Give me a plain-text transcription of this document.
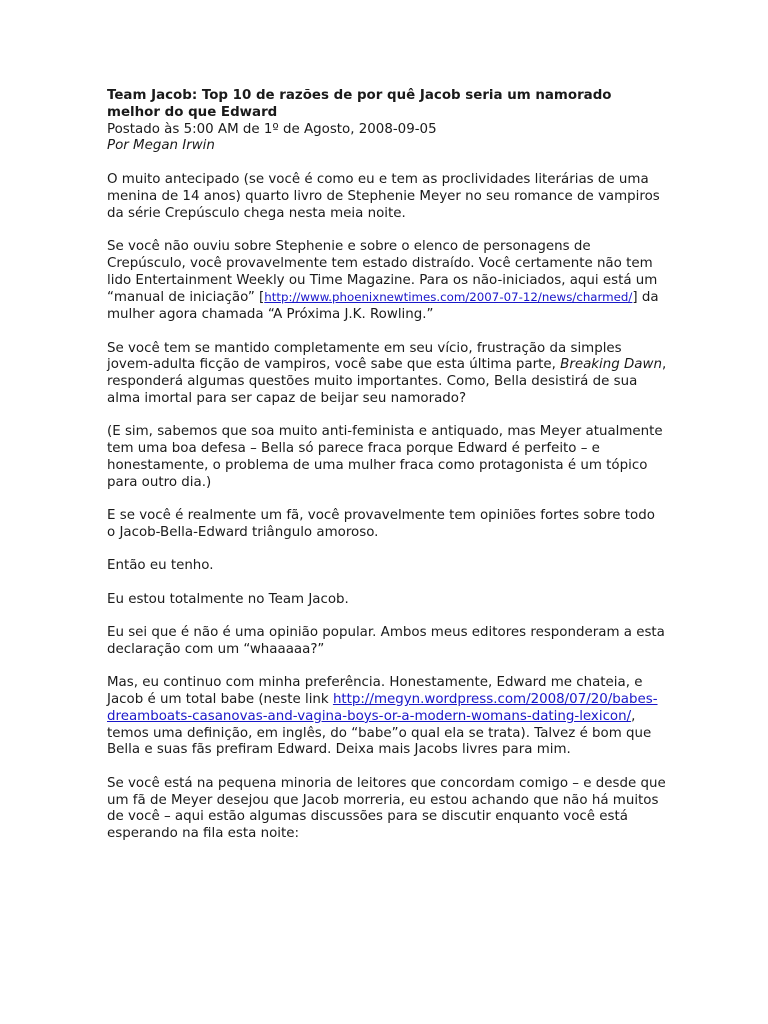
Team Jacob: Top 10 de razões de por quê Jacob seria um namorado melhor do que Edward
Postado às 5:00 AM de 1º de Agosto, 2008-09-05
Por Megan Irwin

O muito antecipado (se você é como eu e tem as proclividades literárias de uma menina de 14 anos) quarto livro de Stephenie Meyer no seu romance de vampiros da série Crepúsculo chega nesta meia noite.

Se você não ouviu sobre Stephenie e sobre o elenco de personagens de Crepúsculo, você provavelmente tem estado distraído. Você certamente não tem lido Entertainment Weekly ou Time Magazine. Para os não-iniciados, aqui está um “manual de iniciação” [http://www.phoenixnewtimes.com/2007-07-12/news/charmed/] da mulher agora chamada “A Próxima J.K. Rowling.”

Se você tem se mantido completamente em seu vício, frustração da simples jovem-adulta ficção de vampiros, você sabe que esta última parte, Breaking Dawn, responderá algumas questões muito importantes. Como, Bella desistirá de sua alma imortal para ser capaz de beijar seu namorado?

(E sim, sabemos que soa muito anti-feminista e antiquado, mas Meyer atualmente tem uma boa defesa – Bella só parece fraca porque Edward é perfeito – e honestamente, o problema de uma mulher fraca como protagonista é um tópico para outro dia.)

E se você é realmente um fã, você provavelmente tem opiniões fortes sobre todo o Jacob-Bella-Edward triângulo amoroso.

Então eu tenho.

Eu estou totalmente no Team Jacob.

Eu sei que é não é uma opinião popular. Ambos meus editores responderam a esta declaração com um “whaaaaa?”

Mas, eu continuo com minha preferência. Honestamente, Edward me chateia, e Jacob é um total babe (neste link http://megyn.wordpress.com/2008/07/20/babes-dreamboats-casanovas-and-vagina-boys-or-a-modern-womans-dating-lexicon/, temos uma definição, em inglês, do “babe”o qual ela se trata). Talvez é bom que Bella e suas fãs prefiram Edward. Deixa mais Jacobs livres para mim.

Se você está na pequena minoria de leitores que concordam comigo – e desde que um fã de Meyer desejou que Jacob morreria, eu estou achando que não há muitos de você – aqui estão algumas discussões para se discutir enquanto você está esperando na fila esta noite:
